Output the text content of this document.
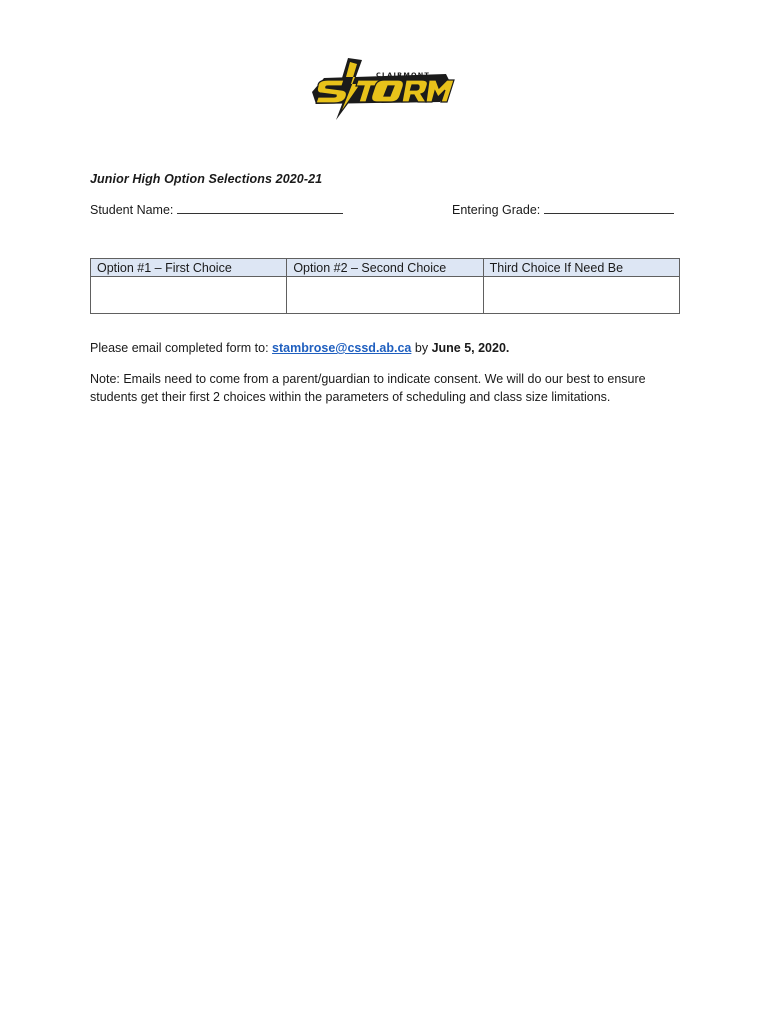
CLAIRMONT
Junior High Option Selections 2020-21
Student Name:	Entering Grade:
Option #1 – First Choice	Option #2 – Second Choice	Third Choice If Need Be

Please email completed form to: stambrose@cssd.ab.ca by June 5, 2020.

Note: Emails need to come from a parent/guardian to indicate consent. We will do our best to ensure students get their first 2 choices within the parameters of scheduling and class size limitations.
